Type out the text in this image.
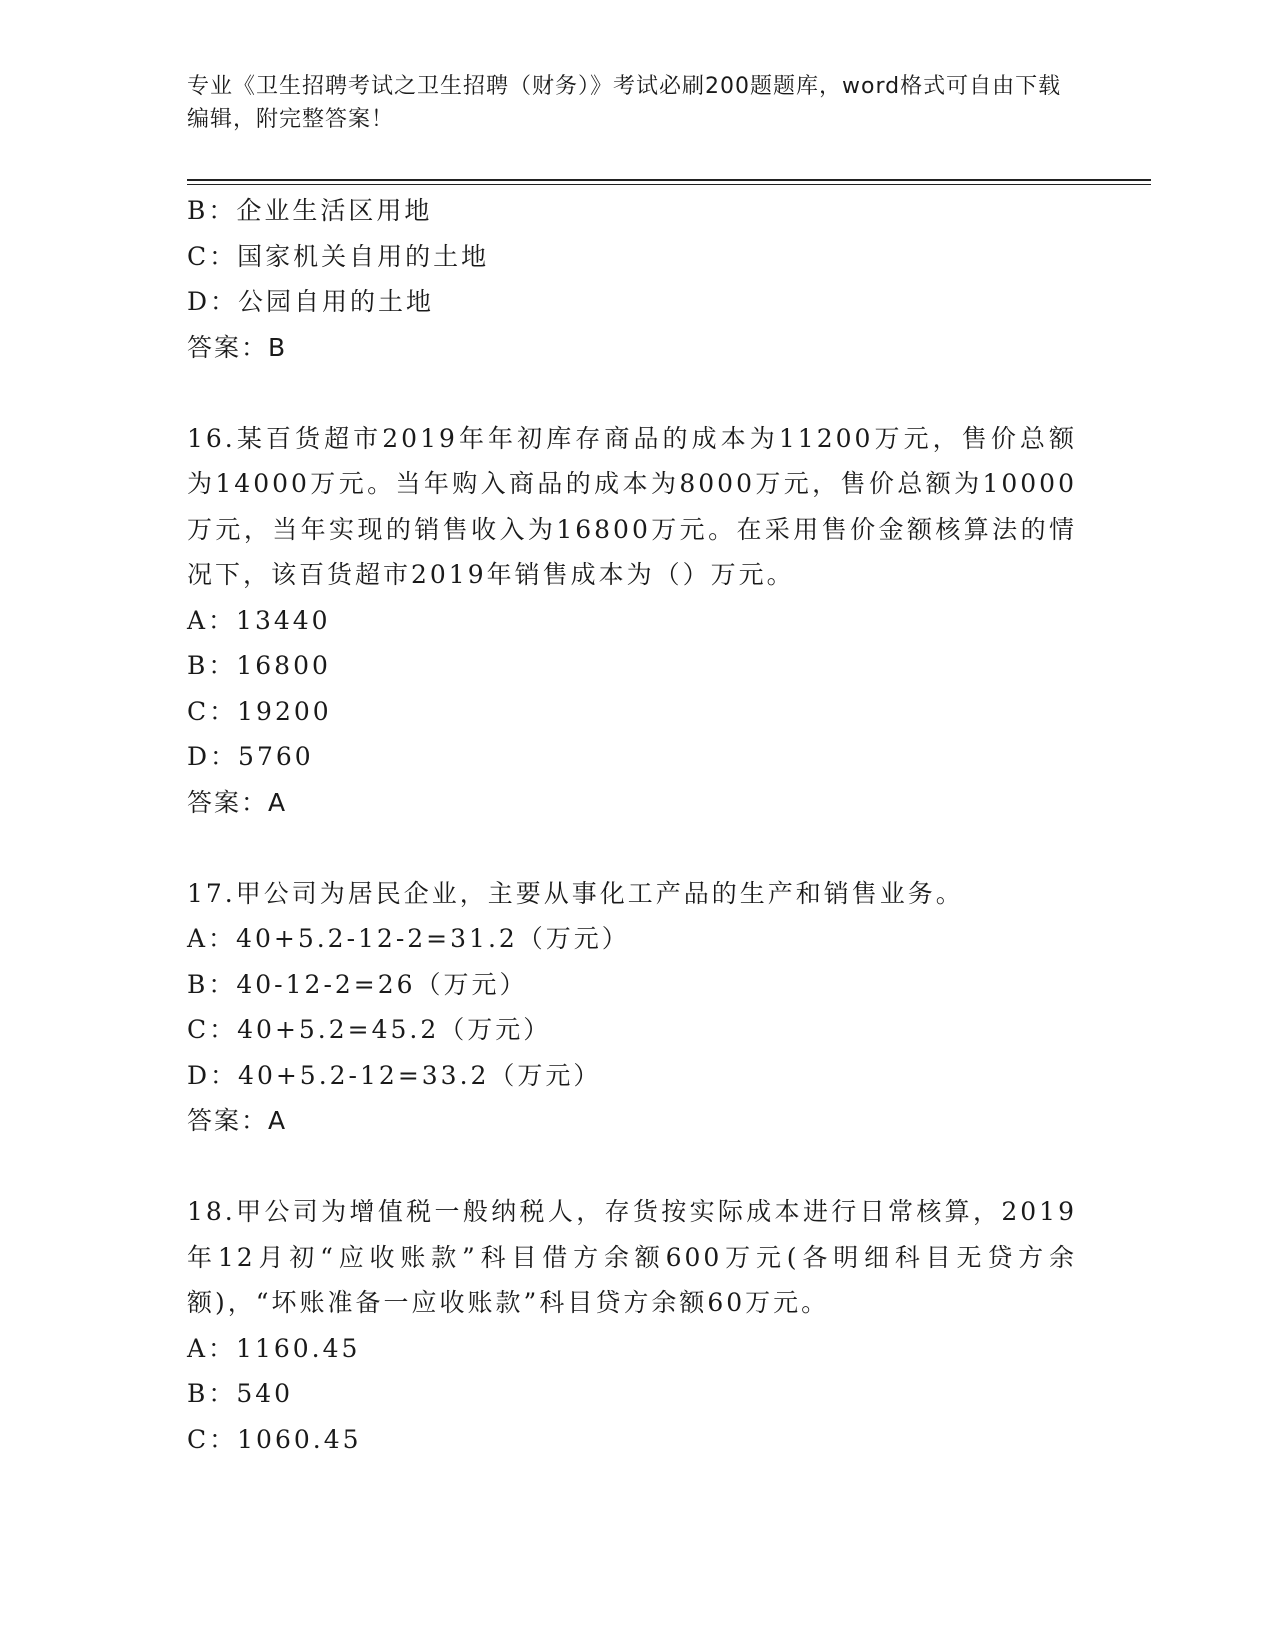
专业《卫生招聘考试之卫生招聘（财务）》考试必刷200题题库，word格式可自由下载编辑，附完整答案！
B：企业生活区用地
C：国家机关自用的土地
D：公园自用的土地
答案：B
16.某百货超市2019年年初库存商品的成本为11200万元，售价总额为14000万元。当年购入商品的成本为8000万元，售价总额为10000万元，当年实现的销售收入为16800万元。在采用售价金额核算法的情况下，该百货超市2019年销售成本为（）万元。
A：13440
B：16800
C：19200
D：5760
答案：A
17.甲公司为居民企业，主要从事化工产品的生产和销售业务。
A：40+5.2-12-2=31.2（万元）
B：40-12-2=26（万元）
C：40+5.2=45.2（万元）
D：40+5.2-12=33.2（万元）
答案：A
18.甲公司为增值税一般纳税人，存货按实际成本进行日常核算，2019年12月初“应收账款”科目借方余额600万元(各明细科目无贷方余额)，“坏账准备一应收账款”科目贷方余额60万元。
A：1160.45
B：540
C：1060.45
